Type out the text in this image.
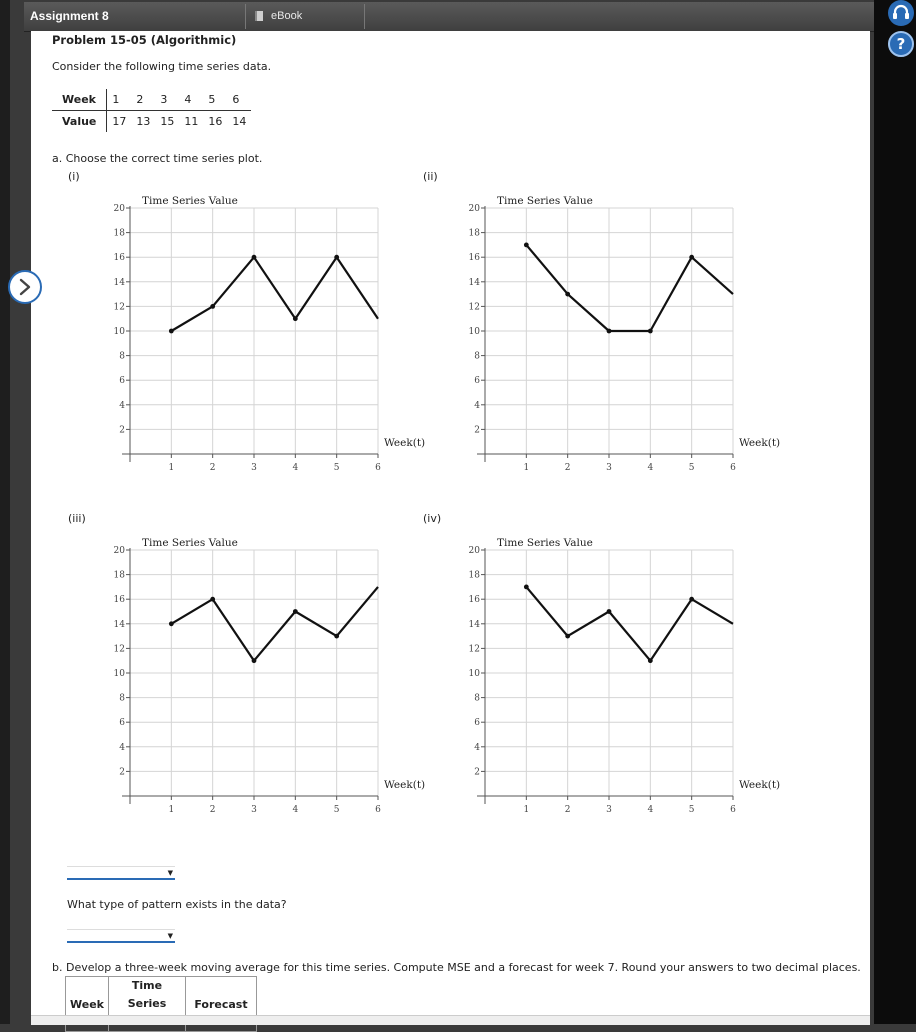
?
Assignment 8	eBook
Problem 15-05 (Algorithmic)
Consider the following time series data.
Week	1	2	3	4	5	6
Value	17	13	15	11	16	14
a. Choose the correct time series plot.
(i)	(ii)
(iii)	(iv)
2
4
6
8
10
12
14
16
18
20
1	2	3	4	5	6
Time Series Value
Week(t)
2
4
6
8
10
12
14
16
18
20
1	2	3	4	5	6
Time Series Value
Week(t)
2
4
6
8
10
12
14
16
18
20
1	2	3	4	5	6
Time Series Value
Week(t)
2
4
6
8
10
12
14
16
18
20
1	2	3	4	5	6
Time Series Value
Week(t)
▼
What type of pattern exists in the data?
▼
b. Develop a three-week moving average for this time series. Compute MSE and a forecast for week 7. Round your answers to two decimal places.
Week	Time Series	Forecast
